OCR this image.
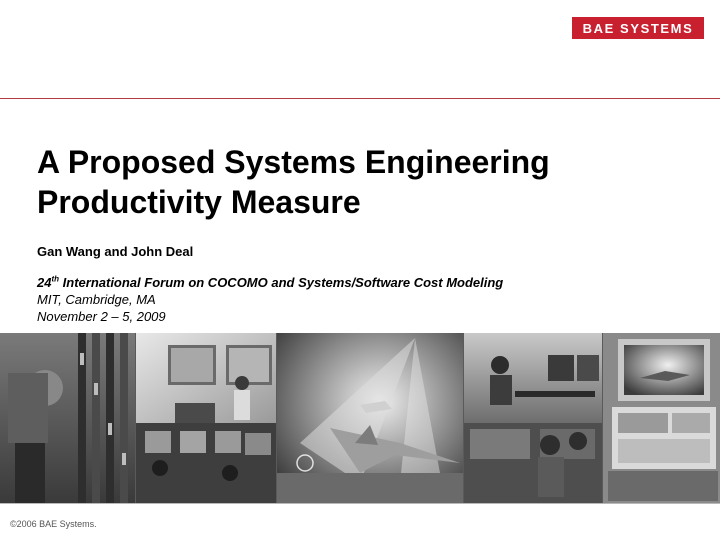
BAE SYSTEMS
A Proposed Systems Engineering Productivity Measure

Gan Wang and John Deal

24th International Forum on COCOMO and Systems/Software Cost Modeling
MIT, Cambridge, MA
November 2 – 5, 2009

©2006 BAE Systems.
